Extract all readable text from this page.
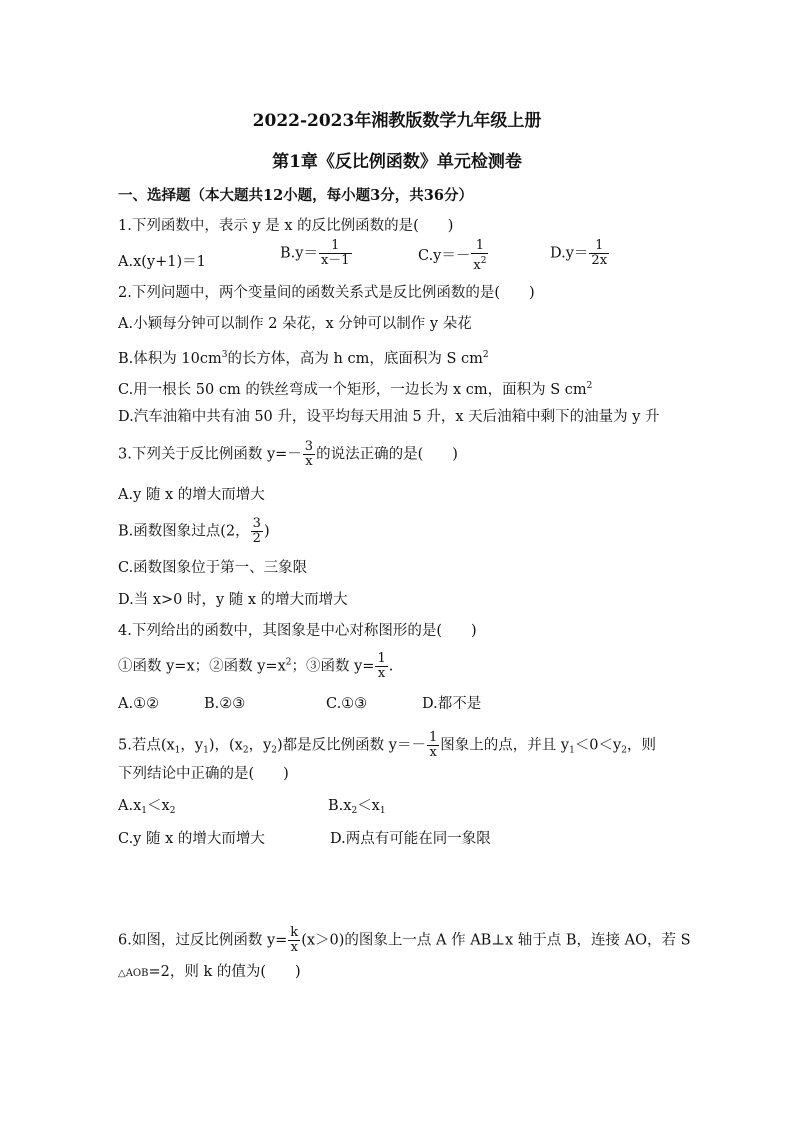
2022-2023年湘教版数学九年级上册
第1章《反比例函数》单元检测卷
一、选择题（本大题共12小题，每小题3分，共36分）
1.下列函数中，表示 y 是 x 的反比例函数的是(　　)
A.x(y+1)＝1
$B.y= \frac{1}{x-1}$	$C.y=- \frac{1}{x^2}$	$D.y= \frac{1}{2x}$
2.下列问题中，两个变量间的函数关系式是反比例函数的是(　　)
A.小颖每分钟可以制作 2 朵花，x 分钟可以制作 y 朵花
B.体积为 $10cm^3$的长方体，高为 h cm，底面积为 S $cm^2$
C.用一根长 50 cm 的铁丝弯成一个矩形，一边长为 x cm，面积为 S $cm^2$
D.汽车油箱中共有油 50 升，设平均每天用油 5 升，x 天后油箱中剩下的油量为 y 升
3.下列关于反比例函数 $y=- \frac{3}{x}$ 的说法正确的是(　　)
A.y 随 x 的增大而增大
B.函数图象过点(2， $\frac{3}{2}$ )
C.函数图象位于第一、三象限
D.当 x>0 时，y 随 x 的增大而增大
4.下列给出的函数中，其图象是中心对称图形的是(　　)
①函数 y=x；②函数 $y=x^2$；③函数 $y= \frac{1}{x}$ .
A.①②	B.②③	C.①③	D.都不是
5.若点($x_1$，$y_1$)，($x_2$，$y_2$)都是反比例函数 $y=- \frac{1}{x}$ 图象上的点，并且 $y_1<0<y_2$，则
下列结论中正确的是(　　)
$A.x_1<x_2$	$B.x_2<x_1$
C.y 随 x 的增大而增大	D.两点有可能在同一象限
6.如图，过反比例函数 $y= \frac{k}{x} (x>0)$的图象上一点 A 作 AB⊥x 轴于点 B，连接 AO，若 S
△AOB=2，则 k 的值为(　　)
